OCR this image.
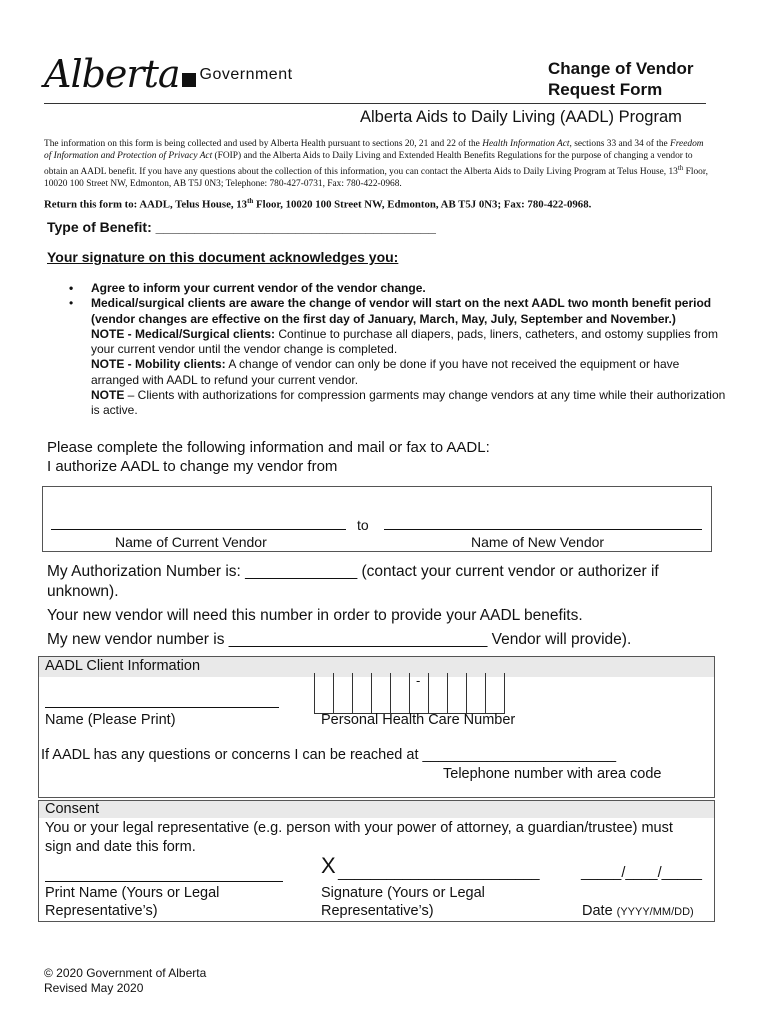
Alberta Government	Change of Vendor
Request Form
Alberta Aids to Daily Living (AADL) Program
The information on this form is being collected and used by Alberta Health pursuant to sections 20, 21 and 22 of the Health Information Act, sections 33 and 34 of the Freedom of Information and Protection of Privacy Act (FOIP) and the Alberta Aids to Daily Living and Extended Health Benefits Regulations for the purpose of changing a vendor to obtain an AADL benefit. If you have any questions about the collection of this information, you can contact the Alberta Aids to Daily Living Program at Telus House, 13th Floor, 10020 100 Street NW, Edmonton, AB T5J 0N3; Telephone: 780-427-0731, Fax: 780-422-0968.
Return this form to: AADL, Telus House, 13th Floor, 10020 100 Street NW, Edmonton, AB T5J 0N3; Fax: 780-422-0968.
Type of Benefit: ____________________________________
Your signature on this document acknowledges you:
• Agree to inform your current vendor of the vendor change.
• Medical/surgical clients are aware the change of vendor will start on the next AADL two month benefit period (vendor changes are effective on the first day of January, March, May, July, September and November.)
NOTE - Medical/Surgical clients: Continue to purchase all diapers, pads, liners, catheters, and ostomy supplies from your current vendor until the vendor change is completed.
NOTE - Mobility clients: A change of vendor can only be done if you have not received the equipment or have arranged with AADL to refund your current vendor.
NOTE – Clients with authorizations for compression garments may change vendors at any time while their authorization is active.
Please complete the following information and mail or fax to AADL:
I authorize AADL to change my vendor from
to
Name of Current Vendor	Name of New Vendor
My Authorization Number is: _____________ (contact your current vendor or authorizer if
unknown).
Your new vendor will need this number in order to provide your AADL benefits.
My new vendor number is ______________________________ Vendor will provide).
AADL Client Information
Name (Please Print)
-
Personal Health Care Number
If AADL has any questions or concerns I can be reached at ________________________
Telephone number with area code
Consent
You or your legal representative (e.g. person with your power of attorney, a guardian/trustee) must
sign and date this form.
X _________________________	_____/____/_____
Print Name (Yours or Legal
Representative’s)
Signature (Yours or Legal
Representative’s)	Date (YYYY/MM/DD)
© 2020 Government of Alberta
Revised May 2020
